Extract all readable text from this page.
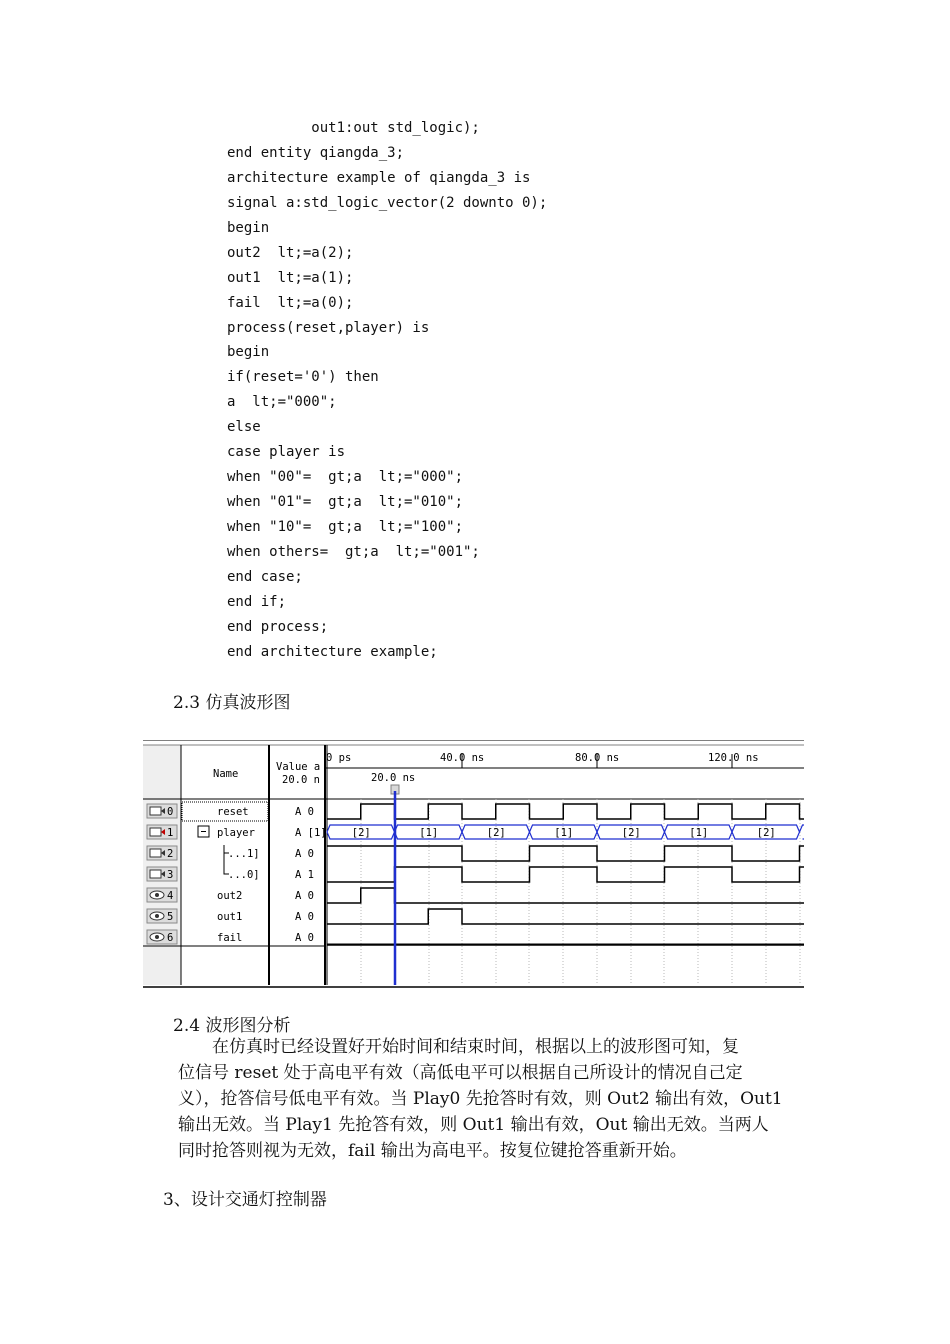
out1:out std_logic);
end entity qiangda_3;
architecture example of qiangda_3 is
signal a:std_logic_vector(2 downto 0);
begin
out2  lt;=a(2);
out1  lt;=a(1);
fail  lt;=a(0);
process(reset,player) is
begin
if(reset='0') then
a  lt;="000";
else
case player is
when "00"=  gt;a  lt;="000";
when "01"=  gt;a  lt;="010";
when "10"=  gt;a  lt;="100";
when others=  gt;a  lt;="001";
end case;
end if;
end process;
end architecture example;
2.3 仿真波形图
Name
Value a
20.0 n
0 ps	40.0 ns	80.0 ns	120.0 ns
20.0 ns
0	reset	A 0
1	player	A [1]
2	...1]	A 0
3	...0]	A 1
4	out2	A 0
5	out1	A 0
6	fail	A 0
[2]	[1]	[2]	[1]	[2]	[1]	[2]
2.4 波形图分析
　　在仿真时已经设置好开始时间和结束时间，根据以上的波形图可知，复
位信号 reset 处于高电平有效（高低电平可以根据自己所设计的情况自己定
义），抢答信号低电平有效。当 Play0 先抢答时有效，则 Out2 输出有效，Out1
输出无效。当 Play1 先抢答有效，则 Out1 输出有效，Out 输出无效。当两人
同时抢答则视为无效，fail 输出为高电平。按复位键抢答重新开始。
3、设计交通灯控制器
